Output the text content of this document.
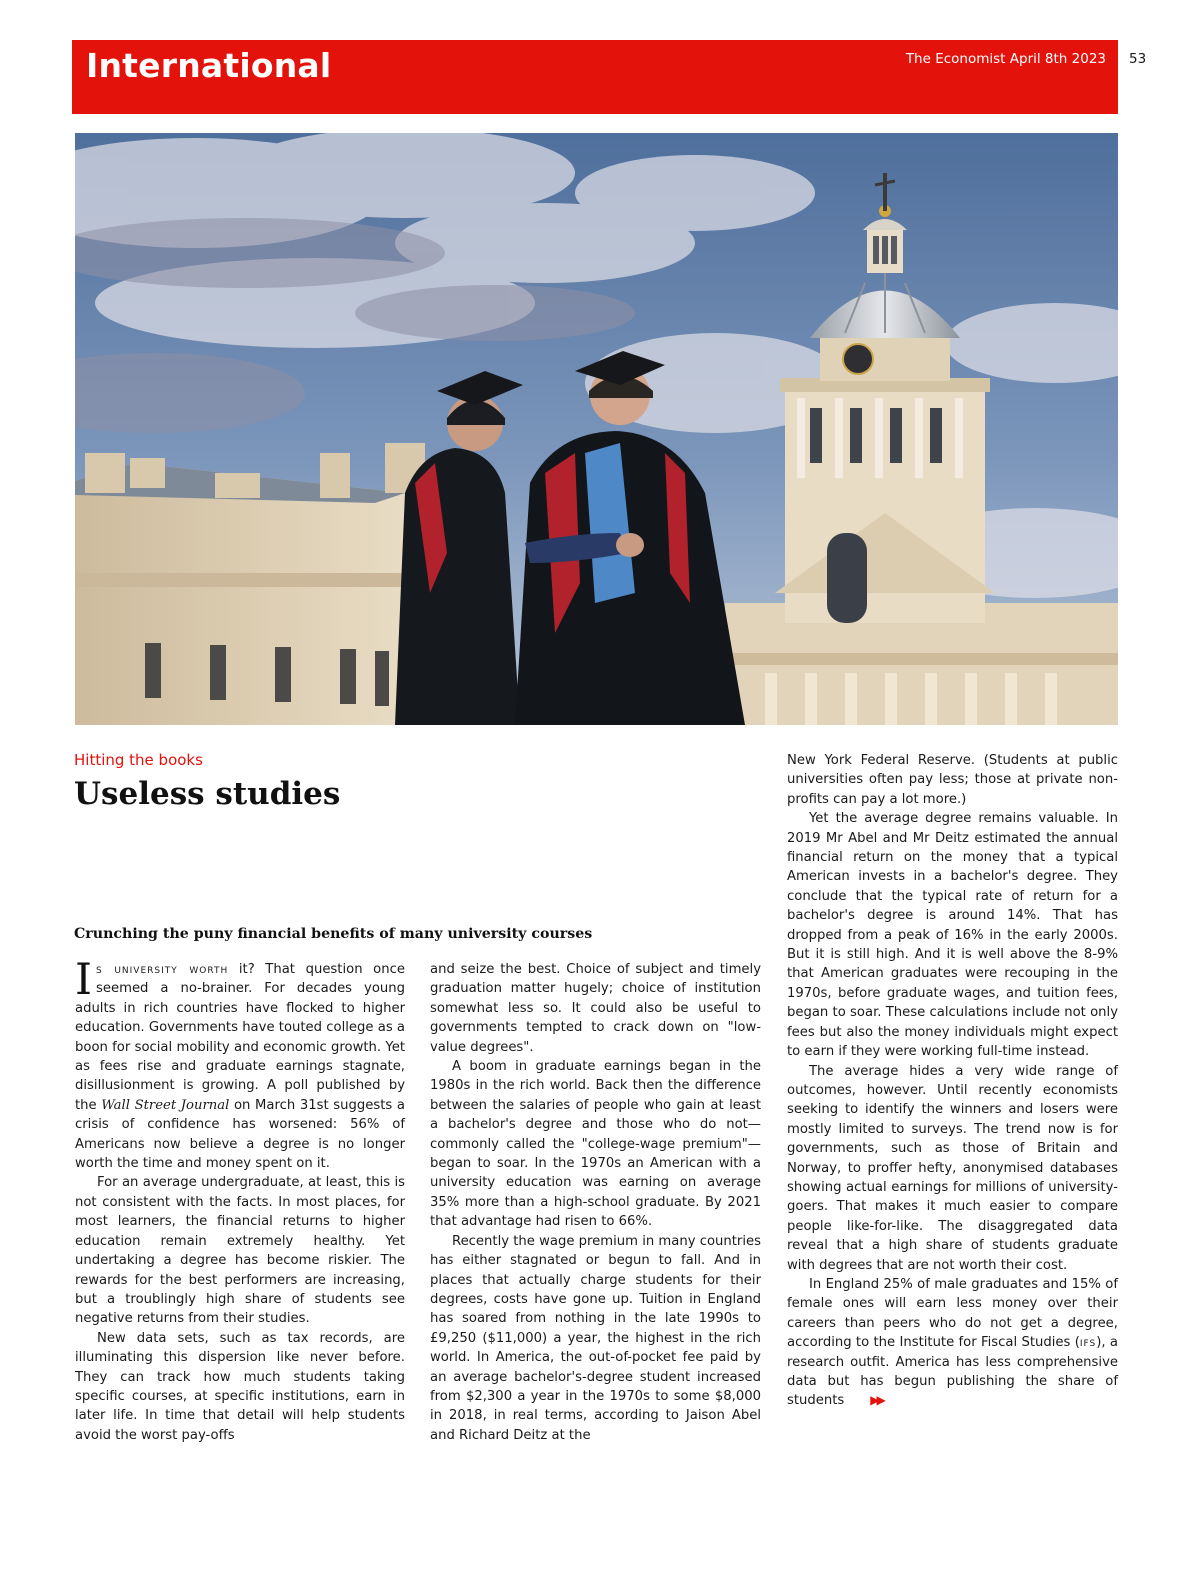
International	The Economist April 8th 2023 53
Hitting the books
Useless studies
Crunching the puny financial benefits of many university courses

Is university worth it? That question once seemed a no-brainer. For decades young adults in rich countries have flocked to higher education. Governments have touted college as a boon for social mobility and economic growth. Yet as fees rise and graduate earnings stagnate, disillusionment is growing. A poll published by the Wall Street Journal on March 31st suggests a crisis of confidence has worsened: 56% of Americans now believe a degree is no longer worth the time and money spent on it.

For an average undergraduate, at least, this is not consistent with the facts. In most places, for most learners, the financial returns to higher education remain extremely healthy. Yet undertaking a degree has become riskier. The rewards for the best performers are increasing, but a troublingly high share of students see negative returns from their studies.

New data sets, such as tax records, are illuminating this dispersion like never before. They can track how much students taking specific courses, at specific institutions, earn in later life. In time that detail will help students avoid the worst pay-offs

and seize the best. Choice of subject and timely graduation matter hugely; choice of institution somewhat less so. It could also be useful to governments tempted to crack down on "low-value degrees".

A boom in graduate earnings began in the 1980s in the rich world. Back then the difference between the salaries of people who gain at least a bachelor's degree and those who do not—commonly called the "college-wage premium"—began to soar. In the 1970s an American with a university education was earning on average 35% more than a high-school graduate. By 2021 that advantage had risen to 66%.

Recently the wage premium in many countries has either stagnated or begun to fall. And in places that actually charge students for their degrees, costs have gone up. Tuition in England has soared from nothing in the late 1990s to £9,250 ($11,000) a year, the highest in the rich world. In America, the out-of-pocket fee paid by an average bachelor's-degree student increased from $2,300 a year in the 1970s to some $8,000 in 2018, in real terms, according to Jaison Abel and Richard Deitz at the

New York Federal Reserve. (Students at public universities often pay less; those at private non-profits can pay a lot more.)

Yet the average degree remains valuable. In 2019 Mr Abel and Mr Deitz estimated the annual financial return on the money that a typical American invests in a bachelor's degree. They conclude that the typical rate of return for a bachelor's degree is around 14%. That has dropped from a peak of 16% in the early 2000s. But it is still high. And it is well above the 8-9% that American graduates were recouping in the 1970s, before graduate wages, and tuition fees, began to soar. These calculations include not only fees but also the money individuals might expect to earn if they were working full-time instead.

The average hides a very wide range of outcomes, however. Until recently economists seeking to identify the winners and losers were mostly limited to surveys. The trend now is for governments, such as those of Britain and Norway, to proffer hefty, anonymised databases showing actual earnings for millions of university-goers. That makes it much easier to compare people like-for-like. The disaggregated data reveal that a high share of students graduate with degrees that are not worth their cost.

In England 25% of male graduates and 15% of female ones will earn less money over their careers than peers who do not get a degree, according to the Institute for Fiscal Studies (ifs), a research outfit. America has less comprehensive data but has begun publishing the share of students ▶▶
